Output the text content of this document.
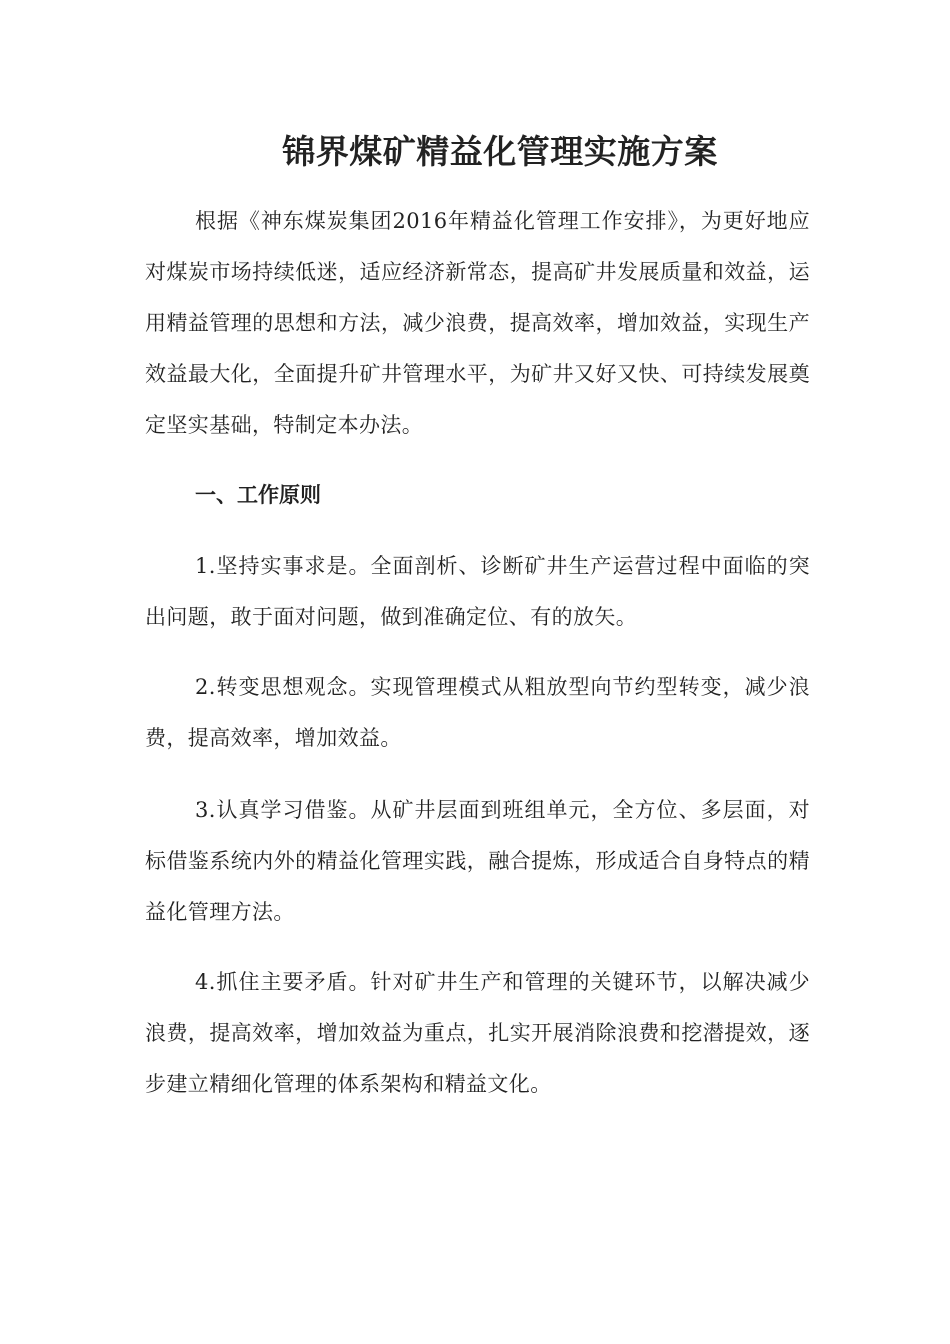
锦界煤矿精益化管理实施方案

根据《神东煤炭集团2016年精益化管理工作安排》，为更好地应对煤炭市场持续低迷，适应经济新常态，提高矿井发展质量和效益，运用精益管理的思想和方法，减少浪费，提高效率，增加效益，实现生产效益最大化，全面提升矿井管理水平，为矿井又好又快、可持续发展奠定坚实基础，特制定本办法。

一、工作原则

1.坚持实事求是。全面剖析、诊断矿井生产运营过程中面临的突出问题，敢于面对问题，做到准确定位、有的放矢。

2.转变思想观念。实现管理模式从粗放型向节约型转变，减少浪费，提高效率，增加效益。

3.认真学习借鉴。从矿井层面到班组单元，全方位、多层面，对标借鉴系统内外的精益化管理实践，融合提炼，形成适合自身特点的精益化管理方法。

4.抓住主要矛盾。针对矿井生产和管理的关键环节，以解决减少浪费，提高效率，增加效益为重点，扎实开展消除浪费和挖潜提效，逐步建立精细化管理的体系架构和精益文化。
